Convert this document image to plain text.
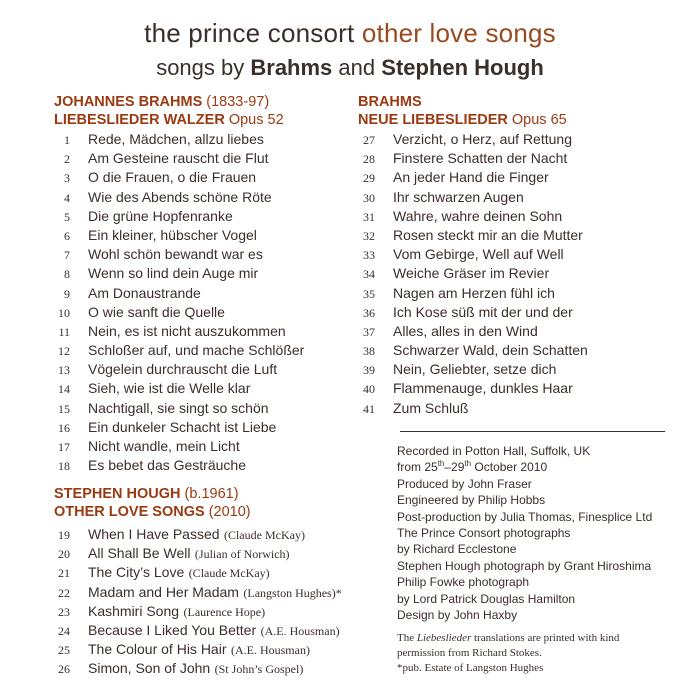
the prince consort other love songs
songs by Brahms and Stephen Hough
JOHANNES BRAHMS (1833-97)
LIEBESLIEDER WALZER Opus 52
1 Rede, Mädchen, allzu liebes
2 Am Gesteine rauscht die Flut
3 O die Frauen, o die Frauen
4 Wie des Abends schöne Röte
5 Die grüne Hopfenranke
6 Ein kleiner, hübscher Vogel
7 Wohl schön bewandt war es
8 Wenn so lind dein Auge mir
9 Am Donaustrande
10 O wie sanft die Quelle
11 Nein, es ist nicht auszukommen
12 Schloßer auf, und mache Schlößer
13 Vögelein durchrauscht die Luft
14 Sieh, wie ist die Welle klar
15 Nachtigall, sie singt so schön
16 Ein dunkeler Schacht ist Liebe
17 Nicht wandle, mein Licht
18 Es bebet das Gesträuche
STEPHEN HOUGH (b.1961)
OTHER LOVE SONGS (2010)
19 When I Have Passed (Claude McKay)
20 All Shall Be Well (Julian of Norwich)
21 The City’s Love (Claude McKay)
22 Madam and Her Madam (Langston Hughes)*
23 Kashmiri Song (Laurence Hope)
24 Because I Liked You Better (A.E. Housman)
25 The Colour of His Hair (A.E. Housman)
26 Simon, Son of John (St John’s Gospel)
BRAHMS
NEUE LIEBESLIEDER Opus 65
27 Verzicht, o Herz, auf Rettung
28 Finstere Schatten der Nacht
29 An jeder Hand die Finger
30 Ihr schwarzen Augen
31 Wahre, wahre deinen Sohn
32 Rosen steckt mir an die Mutter
33 Vom Gebirge, Well auf Well
34 Weiche Gräser im Revier
35 Nagen am Herzen fühl ich
36 Ich Kose süß mit der und der
37 Alles, alles in den Wind
38 Schwarzer Wald, dein Schatten
39 Nein, Geliebter, setze dich
40 Flammenauge, dunkles Haar
41 Zum Schluß
Recorded in Potton Hall, Suffolk, UK
from 25th–29th October 2010
Produced by John Fraser
Engineered by Philip Hobbs
Post-production by Julia Thomas, Finesplice Ltd
The Prince Consort photographs
by Richard Ecclestone
Stephen Hough photograph by Grant Hiroshima
Philip Fowke photograph
by Lord Patrick Douglas Hamilton
Design by John Haxby
The Liebeslieder translations are printed with kind
permission from Richard Stokes.
*pub. Estate of Langston Hughes
